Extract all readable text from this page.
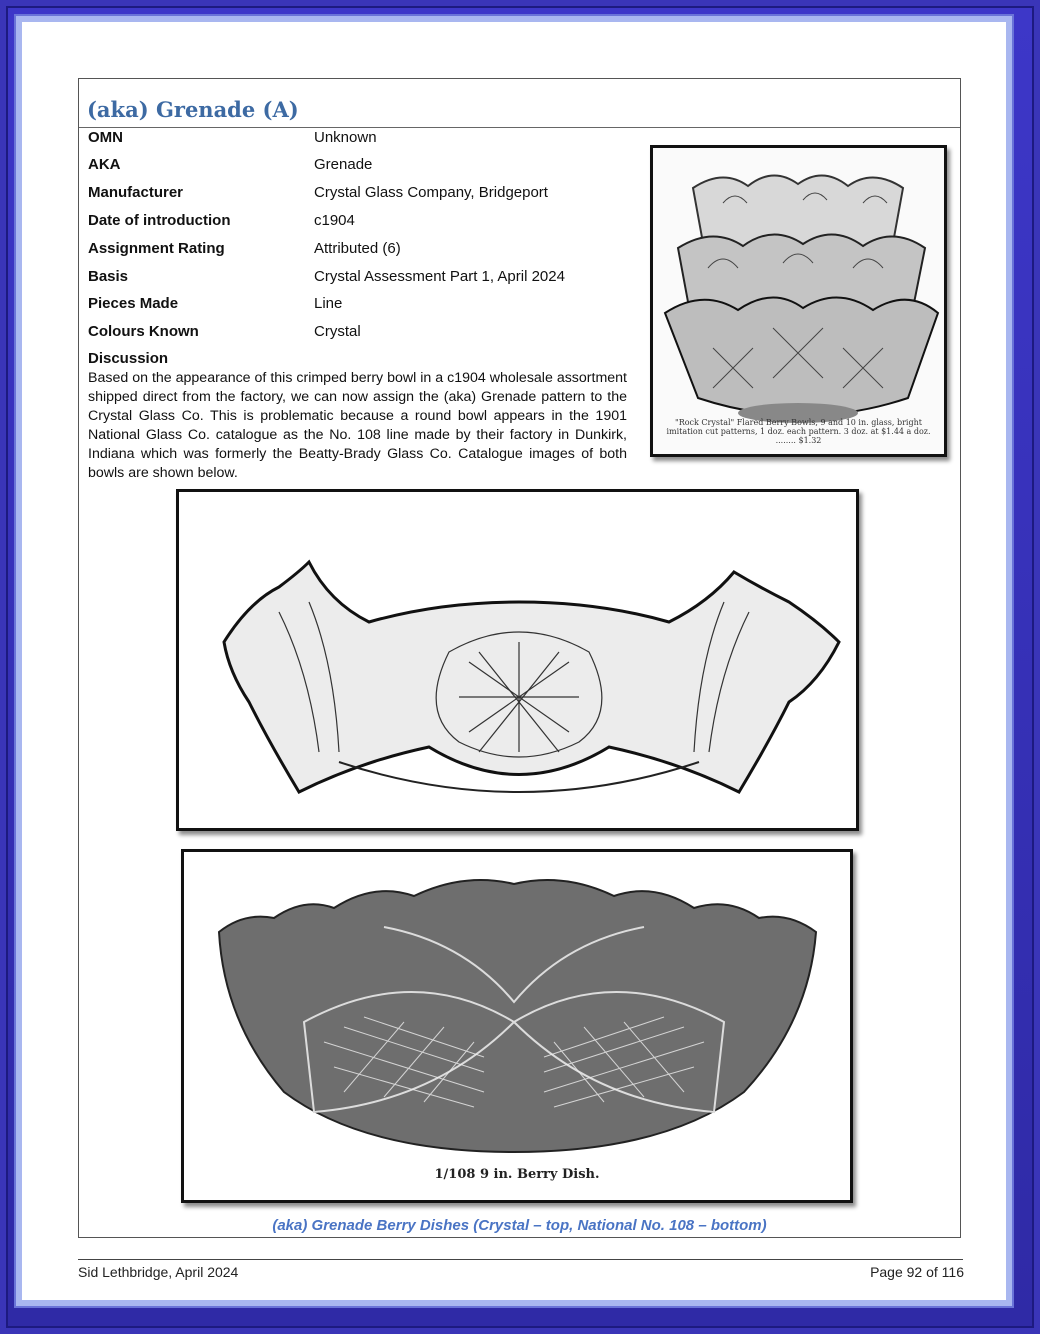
(aka) Grenade (A)
OMN	Unknown
AKA	Grenade
Manufacturer	Crystal Glass Company, Bridgeport
Date of introduction	c1904
Assignment Rating	Attributed (6)
Basis	Crystal Assessment Part 1, April 2024
Pieces Made	Line
Colours Known	Crystal
Discussion
Based on the appearance of this crimped berry bowl in a c1904 wholesale assortment shipped direct from the factory, we can now assign the (aka) Grenade pattern to the Crystal Glass Co. This is problematic because a round bowl appears in the 1901 National Glass Co. catalogue as the No. 108 line made by their factory in Dunkirk, Indiana which was formerly the Beatty-Brady Glass Co. Catalogue images of both bowls are shown below.
"Rock Crystal" Flared Berry Bowls, 9 and 10 in. glass, bright imitation cut patterns, 1 doz. each pattern. 3 doz. at $1.44 a doz. ........ $1.32
1/108 9 in. Berry Dish.
(aka) Grenade Berry Dishes (Crystal – top, National No. 108 – bottom)
Sid Lethbridge, April 2024	Page 92 of 116
